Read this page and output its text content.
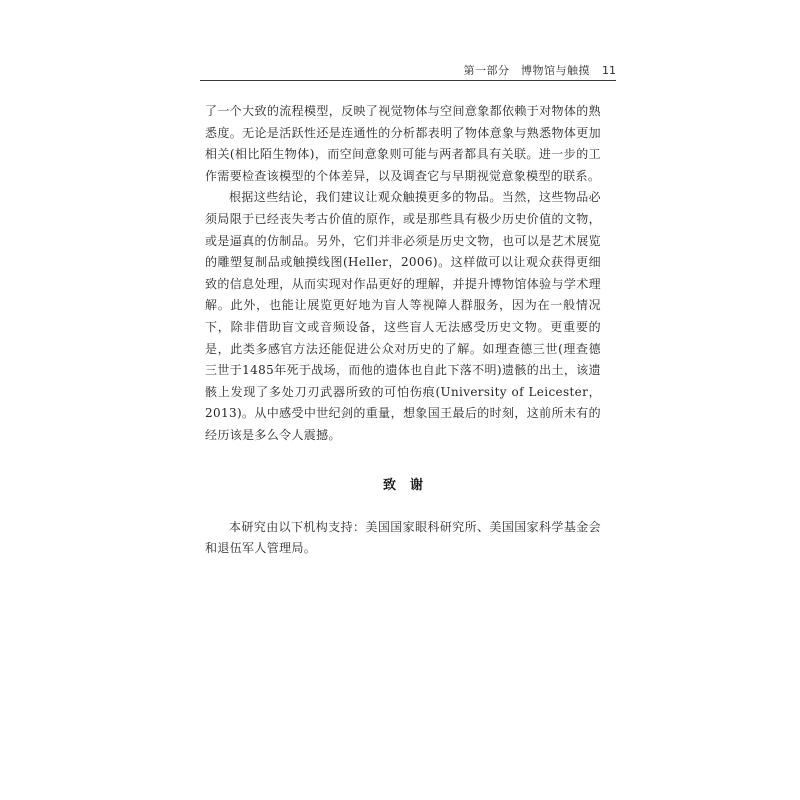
第一部分　博物馆与触摸 11

了一个大致的流程模型，反映了视觉物体与空间意象都依赖于对物体的熟悉度。无论是活跃性还是连通性的分析都表明了物体意象与熟悉物体更加相关(相比陌生物体)，而空间意象则可能与两者都具有关联。进一步的工作需要检查该模型的个体差异，以及调查它与早期视觉意象模型的联系。

根据这些结论，我们建议让观众触摸更多的物品。当然，这些物品必须局限于已经丧失考古价值的原作，或是那些具有极少历史价值的文物，或是逼真的仿制品。另外，它们并非必须是历史文物，也可以是艺术展览的雕塑复制品或触摸线图(Heller，2006)。这样做可以让观众获得更细致的信息处理，从而实现对作品更好的理解，并提升博物馆体验与学术理解。此外，也能让展览更好地为盲人等视障人群服务，因为在一般情况下，除非借助盲文或音频设备，这些盲人无法感受历史文物。更重要的是，此类多感官方法还能促进公众对历史的了解。如理查德三世(理查德三世于1485年死于战场，而他的遗体也自此下落不明)遗骸的出土，该遗骸上发现了多处刀刃武器所致的可怕伤痕(University of Leicester，2013)。从中感受中世纪剑的重量，想象国王最后的时刻，这前所未有的经历该是多么令人震撼。

致谢

本研究由以下机构支持：美国国家眼科研究所、美国国家科学基金会和退伍军人管理局。
